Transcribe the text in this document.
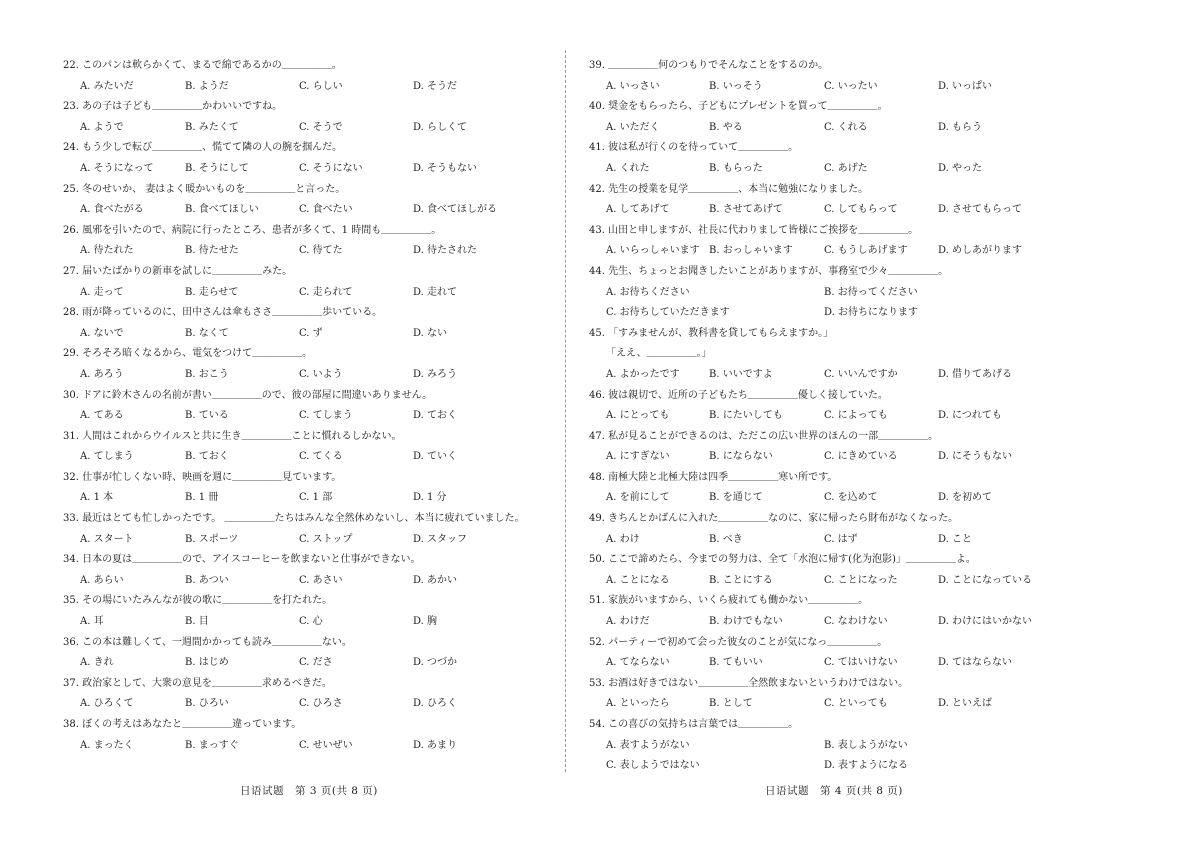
22. このパンは軟らかくて、まるで綿であるかの＿＿＿＿＿。
A. みたいだ	B. ようだ	C. らしい	D. そうだ
23. あの子は子ども＿＿＿＿＿かわいいですね。
A. ようで	B. みたくて	C. そうで	D. らしくて
24. もう少しで転び＿＿＿＿＿、慌てて隣の人の腕を掴んだ。
A. そうになって	B. そうにして	C. そうにない	D. そうもない
25. 冬のせいか、 妻はよく暖かいものを＿＿＿＿＿と言った。
A. 食べたがる	B. 食べてほしい	C. 食べたい	D. 食べてほしがる
26. 風邪を引いたので、病院に行ったところ、患者が多くて、1 時間も＿＿＿＿＿。
A. 待たれた	B. 待たせた	C. 待てた	D. 待たされた
27. 届いたばかりの新車を試しに＿＿＿＿＿みた。
A. 走って	B. 走らせて	C. 走られて	D. 走れて
28. 雨が降っているのに、田中さんは傘もささ＿＿＿＿＿歩いている。
A. ないで	B. なくて	C. ず	D. ない
29. そろそろ暗くなるから、電気をつけて＿＿＿＿＿。
A. あろう	B. おこう	C. いよう	D. みろう
30. ドアに鈴木さんの名前が書い＿＿＿＿＿ので、彼の部屋に間違いありません。
A. てある	B. ている	C. てしまう	D. ておく
31. 人間はこれからウイルスと共に生き＿＿＿＿＿ことに慣れるしかない。
A. てしまう	B. ておく	C. てくる	D. ていく
32. 仕事が忙しくない時、映画を週に＿＿＿＿＿見ています。
A. 1 本	B. 1 冊	C. 1 部	D. 1 分
33. 最近はとても忙しかったです。 ＿＿＿＿＿たちはみんな全然休めないし、本当に疲れていました。
A. スタート	B. スポーツ	C. ストップ	D. スタッフ
34. 日本の夏は＿＿＿＿＿ので、アイスコーヒーを飲まないと仕事ができない。
A. あらい	B. あつい	C. あさい	D. あかい
35. その場にいたみんなが彼の歌に＿＿＿＿＿を打たれた。
A. 耳	B. 目	C. 心	D. 胸
36. この本は難しくて、一週間かかっても読み＿＿＿＿＿ない。
A. きれ	B. はじめ	C. ださ	D. つづか
37. 政治家として、大衆の意見を＿＿＿＿＿求めるべきだ。
A. ひろくて	B. ひろい	C. ひろさ	D. ひろく
38. ぼくの考えはあなたと＿＿＿＿＿違っています。
A. まったく	B. まっすぐ	C. せいぜい	D. あまり
39. ＿＿＿＿＿何のつもりでそんなことをするのか。
A. いっさい	B. いっそう	C. いったい	D. いっぱい
40. 奨金をもらったら、子どもにプレゼントを買って＿＿＿＿＿。
A. いただく	B. やる	C. くれる	D. もらう
41. 彼は私が行くのを待っていて＿＿＿＿＿。
A. くれた	B. もらった	C. あげた	D. やった
42. 先生の授業を見学＿＿＿＿＿、本当に勉強になりました。
A. してあげて	B. させてあげて	C. してもらって	D. させてもらって
43. 山田と申しますが、社長に代わりまして皆様にご挨拶を＿＿＿＿＿。
A. いらっしゃいます B. おっしゃいます	C. もうしあげます	D. めしあがります
44. 先生、ちょっとお聞きしたいことがありますが、事務室で少々＿＿＿＿＿。
A. お待ちください	B. お待ってください
C. お待ちしていただきます	D. お待ちになります
45. 「すみませんが、教科書を貸してもらえますか。」
「ええ、＿＿＿＿＿。」
A. よかったです	B. いいですよ	C. いいんですか	D. 借りてあげる
46. 彼は親切で、近所の子どもたち＿＿＿＿＿優しく接していた。
A. にとっても	B. にたいしても	C. によっても	D. につれても
47. 私が見ることができるのは、ただこの広い世界のほんの一部＿＿＿＿＿。
A. にすぎない	B. にならない	C. にきめている	D. にそうもない
48. 南極大陸と北極大陸は四季＿＿＿＿＿寒い所です。
A. を前にして	B. を通じて	C. を込めて	D. を初めて
49. きちんとかばんに入れた＿＿＿＿＿なのに、家に帰ったら財布がなくなった。
A. わけ	B. べき	C. はず	D. こと
50. ここで諦めたら、今までの努力は、全て「水泡に帰す(化为泡影)」＿＿＿＿＿よ。
A. ことになる	B. ことにする	C. ことになった	D. ことになっている
51. 家族がいますから、いくら疲れても働かない＿＿＿＿＿。
A. わけだ	B. わけでもない	C. なわけない	D. わけにはいかない
52. パーティーで初めて会った彼女のことが気になっ＿＿＿＿＿。
A. てならない	B. てもいい	C. てはいけない	D. てはならない
53. お酒は好きではない＿＿＿＿＿全然飲まないというわけではない。
A. といったら	B. として	C. といっても	D. といえば
54. この喜びの気持ちは言葉では＿＿＿＿＿。
A. 表すようがない	B. 表しようがない
C. 表しようではない	D. 表すようになる
日语试题　第 3 页(共 8 页)	日语试题　第 4 页(共 8 页)
